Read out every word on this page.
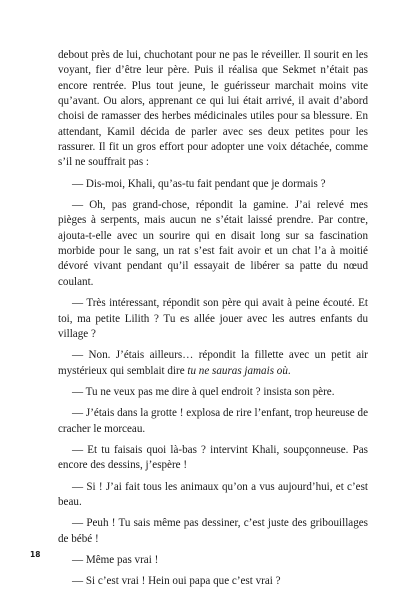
debout près de lui, chuchotant pour ne pas le réveiller. Il sourit en les voyant, fier d’être leur père. Puis il réalisa que Sekmet n’était pas encore rentrée. Plus tout jeune, le guérisseur marchait moins vite qu’avant. Ou alors, apprenant ce qui lui était arrivé, il avait d’abord choisi de ramasser des herbes médicinales utiles pour sa blessure. En attendant, Kamil décida de parler avec ses deux petites pour les rassurer. Il fit un gros effort pour adopter une voix détachée, comme s’il ne souffrait pas :

— Dis-moi, Khali, qu’as-tu fait pendant que je dormais ?

— Oh, pas grand-chose, répondit la gamine. J’ai relevé mes pièges à serpents, mais aucun ne s’était laissé prendre. Par contre, ajouta-t-elle avec un sourire qui en disait long sur sa fascination morbide pour le sang, un rat s’est fait avoir et un chat l’a à moitié dévoré vivant pendant qu’il essayait de libérer sa patte du nœud coulant.

— Très intéressant, répondit son père qui avait à peine écouté. Et toi, ma petite Lilith ? Tu es allée jouer avec les autres enfants du village ?

— Non. J’étais ailleurs… répondit la fillette avec un petit air mystérieux qui semblait dire tu ne sauras jamais où.

— Tu ne veux pas me dire à quel endroit ? insista son père.

— J’étais dans la grotte ! explosa de rire l’enfant, trop heureuse de cracher le morceau.

— Et tu faisais quoi là-bas ? intervint Khali, soupçonneuse. Pas encore des dessins, j’espère !

— Si ! J’ai fait tous les animaux qu’on a vus aujourd’hui, et c’est beau.

— Peuh ! Tu sais même pas dessiner, c’est juste des gribouillages de bébé !

— Même pas vrai !

— Si c’est vrai ! Hein oui papa que c’est vrai ?

18
